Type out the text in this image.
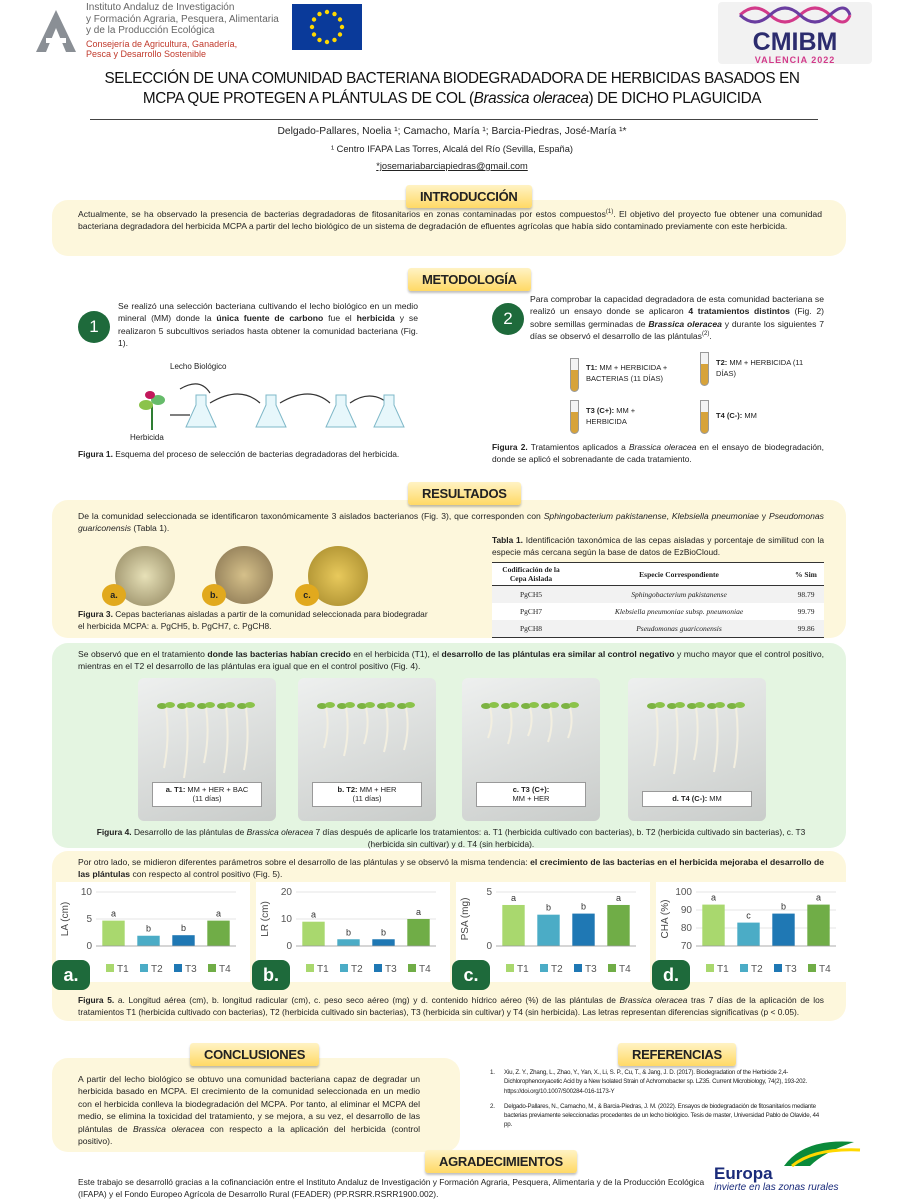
Instituto Andaluz de Investigación
y Formación Agraria, Pesquera, Alimentaria
y de la Producción Ecológica
Consejería de Agricultura, Ganadería,
Pesca y Desarrollo Sostenible	CMIBM
VALENCIA 2022
SELECCIÓN DE UNA COMUNIDAD BACTERIANA BIODEGRADADORA DE HERBICIDAS BASADOS EN
MCPA QUE PROTEGEN A PLÁNTULAS DE COL (Brassica oleracea) DE DICHO PLAGUICIDA
Delgado-Pallares, Noelia ¹; Camacho, María ¹; Barcia-Piedras, José-María ¹*
¹ Centro IFAPA Las Torres, Alcalá del Río (Sevilla, España)
*josemariabarciapiedras@gmail.com
INTRODUCCIÓN
Actualmente, se ha observado la presencia de bacterias degradadoras de fitosanitarios en zonas contaminadas por estos compuestos$^{(1)}$. El objetivo del proyecto fue obtener una comunidad bacteriana degradadora del herbicida MCPA a partir del lecho biológico de un sistema de degradación de efluentes agrícolas que había sido contaminado previamente con este herbicida.
METODOLOGÍA
1
Se realizó una selección bacteriana cultivando el lecho biológico en un medio mineral (MM) donde la única fuente de carbono fue el herbicida y se realizaron 5 subcultivos seriados hasta obtener la comunidad bacteriana (Fig. 1).
Lecho Biológico
Herbicida
Figura 1. Esquema del proceso de selección de bacterias degradadoras del herbicida.
2
Para comprobar la capacidad degradadora de esta comunidad bacteriana se realizó un ensayo donde se aplicaron 4 tratamientos distintos (Fig. 2) sobre semillas germinadas de Brassica oleracea y durante los siguientes 7 días se observó el desarrollo de las plántulas$^{(2)}$.
T1: MM + HERBICIDA + BACTERIAS (11 DÍAS)
T2: MM + HERBICIDA (11 DÍAS)
T3 (C+): MM + HERBICIDA
T4 (C-): MM
Figura 2. Tratamientos aplicados a Brassica oleracea en el ensayo de biodegradación, donde se aplicó el sobrenadante de cada tratamiento.
RESULTADOS
De la comunidad seleccionada se identificaron taxonómicamente 3 aislados bacterianos (Fig. 3), que corresponden con Sphingobacterium pakistanense, Klebsiella pneumoniae y Pseudomonas guariconensis (Tabla 1).
a.	b.	c.
Figura 3. Cepas bacterianas aisladas a partir de la comunidad seleccionada para biodegradar el herbicida MCPA: a. PgCH5, b. PgCH7, c. PgCH8.
Tabla 1. Identificación taxonómica de las cepas aisladas y porcentaje de similitud con la especie más cercana según la base de datos de EzBioCloud.
Codificación de la Cepa Aislada	Especie Correspondiente	% Sim
PgCH5	Sphingobacterium pakistanense	98.79
PgCH7	Klebsiella pneumoniae subsp. pneumoniae	99.79
PgCH8	Pseudomonas guariconensis	99.86
Se observó que en el tratamiento donde las bacterias habían crecido en el herbicida (T1), el desarrollo de las plántulas era similar al control negativo y mucho mayor que el control positivo, mientras en el T2 el desarrollo de las plántulas era igual que en el control positivo (Fig. 4).
a. T1: MM + HER + BAC
(11 días)
b. T2: MM + HER
(11 días)
c. T3 (C+):
MM + HER	d. T4 (C-): MM
Figura 4. Desarrollo de las plántulas de Brassica oleracea 7 días después de aplicarle los tratamientos: a. T1 (herbicida cultivado con bacterias), b. T2 (herbicida cultivado sin bacterias), c. T3 (herbicida sin cultivar) y d. T4 (sin herbicida).
Por otro lado, se midieron diferentes parámetros sobre el desarrollo de las plántulas y se observó la misma tendencia: el crecimiento de las bacterias en el herbicida mejoraba el desarrollo de las plántulas con respecto al control positivo (Fig. 5).
0
5
10
LA (cm)	a
T1
b
T2
b
T3
a
T4
0
10
20
LR (cm)	a
T1
b
T2
b
T3
a
T4
0
5
PSA (mg)	a
T1
b
T2
b
T3
a
T4
70
80
90
100
CHA (%)
a
T1
c
T2
b
T3
a
T4
a.	b.	c.	d.
Figura 5. a. Longitud aérea (cm), b. longitud radicular (cm), c. peso seco aéreo (mg) y d. contenido hídrico aéreo (%) de las plántulas de Brassica oleracea tras 7 días de la aplicación de los tratamientos T1 (herbicida cultivado con bacterias), T2 (herbicida cultivado sin bacterias), T3 (herbicida sin cultivar) y T4 (sin herbicida). Las letras representan diferencias significativas (p < 0.05).
CONCLUSIONES
A partir del lecho biológico se obtuvo una comunidad bacteriana capaz de degradar un herbicida basado en MCPA. El crecimiento de la comunidad seleccionada en un medio con el herbicida conlleva la biodegradación del MCPA. Por tanto, al eliminar el MCPA del medio, se elimina la toxicidad del tratamiento, y se mejora, a su vez, el desarrollo de las plántulas de Brassica oleracea con respecto a la aplicación del herbicida (control positivo).
REFERENCIAS
1.	Xiu, Z. Y., Zhang, L., Zhao, Y., Yan, X., Li, S. P., Cu, T., & Jang, J. D. (2017). Biodegradation of the Herbicide 2,4-Dichlorophenoxyacetic Acid by a New Isolated Strain of Achromobacter sp. LZ35. Current Microbiology, 74(2), 193-202. https://doi.org/10.1007/S00284-016-1173-Y
2.	Delgado-Pallares, N., Camacho, M., & Barcia-Piedras, J. M. (2022). Ensayos de biodegradación de fitosanitarios mediante bacterias previamente seleccionadas procedentes de un lecho biológico. Tesis de master, Universidad Pablo de Olavide, 44 pp.
AGRADECIMIENTOS
Este trabajo se desarrolló gracias a la cofinanciación entre el Instituto Andaluz de Investigación y Formación Agraria, Pesquera, Alimentaria y de la Producción Ecológica (IFAPA) y el Fondo Europeo Agrícola de Desarrollo Rural (FEADER) (PP.RSRR.RSRR1900.002).
Europa
invierte en las zonas rurales
